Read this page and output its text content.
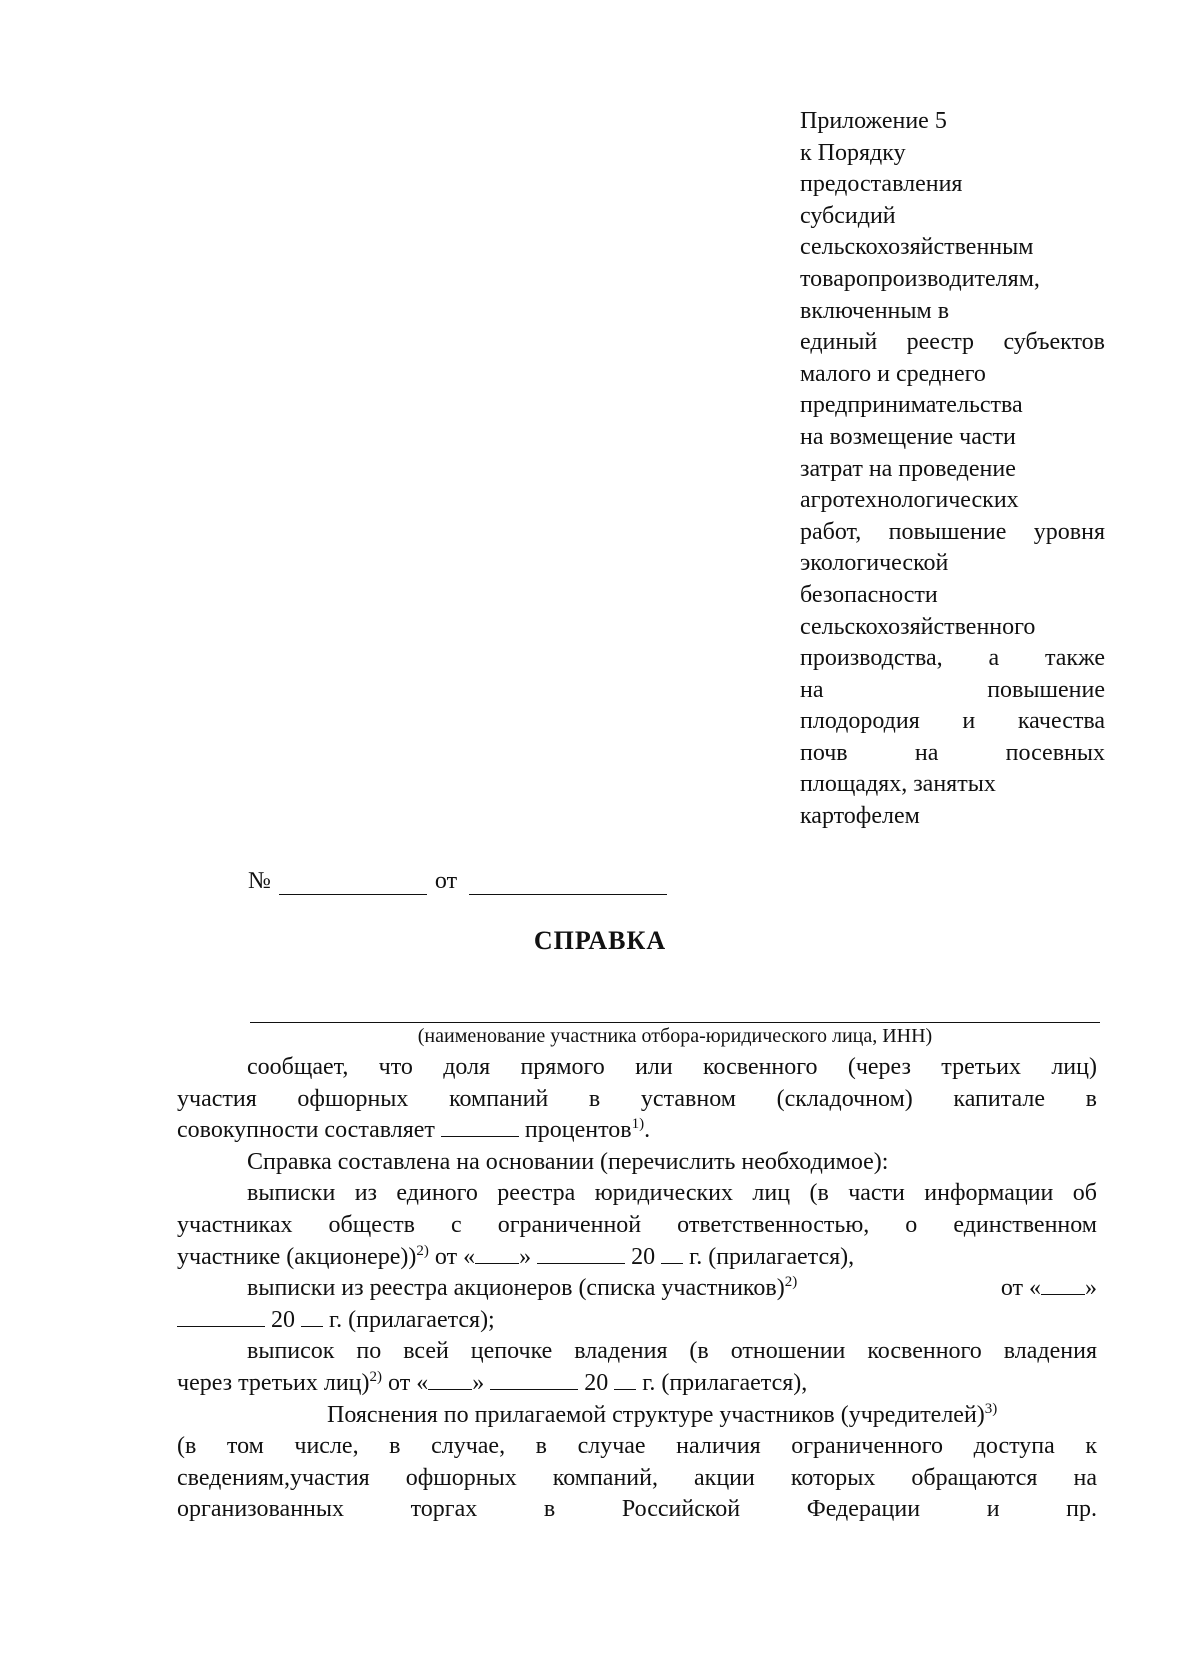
Приложение 5
к Порядку
предоставления
субсидий
сельскохозяйственным
товаропроизводителям,
включенным в
единый реестр субъектов
малого и среднего
предпринимательства
на возмещение части
затрат на проведение
агротехнологических
работ, повышение уровня
экологической
безопасности
сельскохозяйственного
производства, а также
на повышение
плодородия и качества
почв на посевных
площадях, занятых
картофелем
№	от
СПРАВКА
(наименование участника отбора-юридического лица, ИНН)
сообщает, что доля прямого или косвенного (через третьих лиц)
участия офшорных компаний в уставном (складочном) капитале в
совокупности составляет	процентов$^{1)}$.
Справка составлена на основании (перечислить необходимое):
выписки из единого реестра юридических лиц (в части информации об
участниках обществ с ограниченной ответственностью, о единственном
участнике (акционере))$^{2)}$ от « »	20 г. (прилагается),
выписки из реестра акционеров (списка участников)$^{2)}$	от « »
20 г. (прилагается);
выписок по всей цепочке владения (в отношении косвенного владения
через третьих лиц)$^{2)}$ от « »	20 г. (прилагается),
Пояснения по прилагаемой структуре участников (учредителей)$^{3)}$
(в том числе, в случае, в случае наличия ограниченного доступа к
сведениям,участия офшорных компаний, акции которых обращаются на
организованных торгах в Российской Федерации и пр.
